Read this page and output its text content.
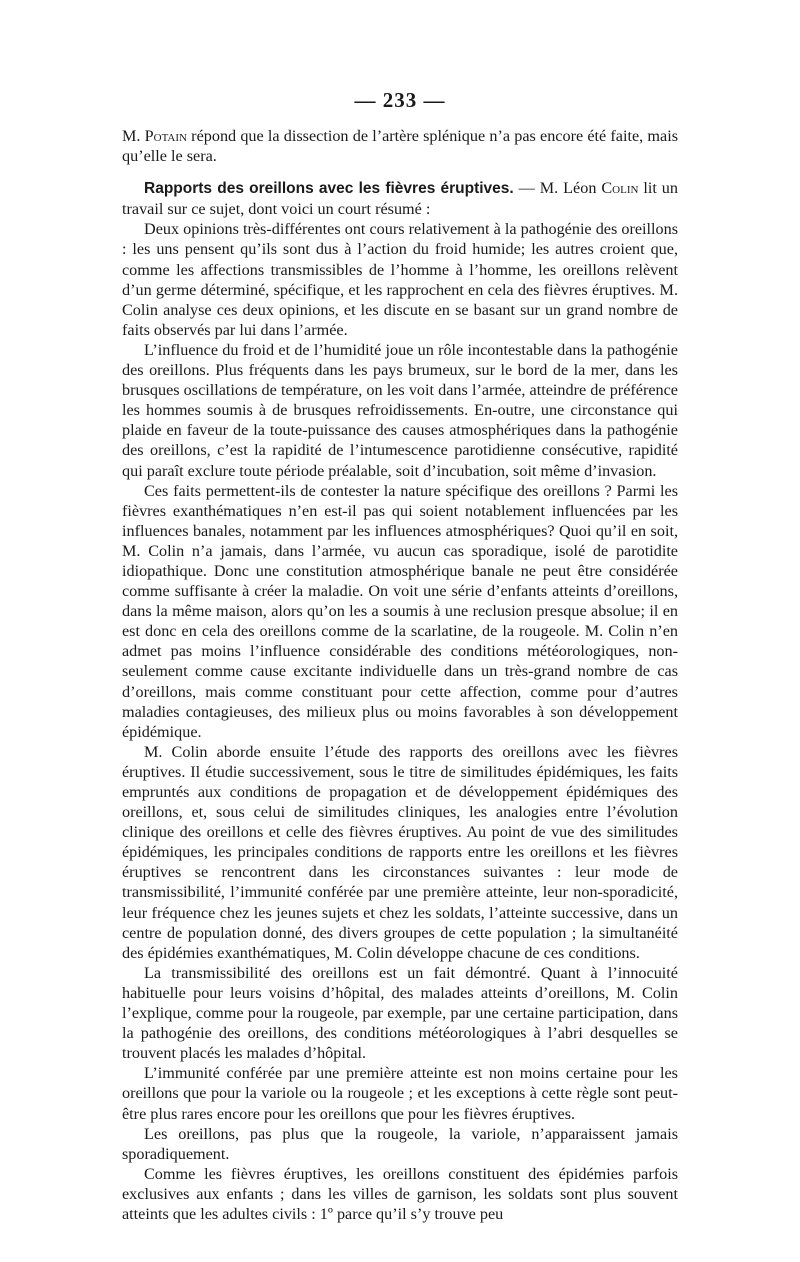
— 233 —

M. Potain répond que la dissection de l’artère splénique n’a pas encore été faite, mais qu’elle le sera.

Rapports des oreillons avec les fièvres éruptives. — M. Léon Colin lit un travail sur ce sujet, dont voici un court résumé :

Deux opinions très-différentes ont cours relativement à la pathogénie des oreillons : les uns pensent qu’ils sont dus à l’action du froid humide; les autres croient que, comme les affections transmissibles de l’homme à l’homme, les oreillons relèvent d’un germe déterminé, spécifique, et les rapprochent en cela des fièvres éruptives. M. Colin analyse ces deux opinions, et les discute en se basant sur un grand nombre de faits observés par lui dans l’armée.

L’influence du froid et de l’humidité joue un rôle incontestable dans la pathogénie des oreillons. Plus fréquents dans les pays brumeux, sur le bord de la mer, dans les brusques oscillations de température, on les voit dans l’armée, atteindre de préférence les hommes soumis à de brusques refroidissements. En-outre, une circonstance qui plaide en faveur de la toute-puissance des causes atmosphériques dans la pathogénie des oreillons, c’est la rapidité de l’intumescence parotidienne consécutive, rapidité qui paraît exclure toute période préalable, soit d’incubation, soit même d’invasion.

Ces faits permettent-ils de contester la nature spécifique des oreillons ? Parmi les fièvres exanthématiques n’en est-il pas qui soient notablement influencées par les influences banales, notamment par les influences atmosphériques? Quoi qu’il en soit, M. Colin n’a jamais, dans l’armée, vu aucun cas sporadique, isolé de parotidite idiopathique. Donc une constitution atmosphérique banale ne peut être considérée comme suffisante à créer la maladie. On voit une série d’enfants atteints d’oreillons, dans la même maison, alors qu’on les a soumis à une reclusion presque absolue; il en est donc en cela des oreillons comme de la scarlatine, de la rougeole. M. Colin n’en admet pas moins l’influence considérable des conditions météorologiques, non-seulement comme cause excitante individuelle dans un très-grand nombre de cas d’oreillons, mais comme constituant pour cette affection, comme pour d’autres maladies contagieuses, des milieux plus ou moins favorables à son développement épidémique.

M. Colin aborde ensuite l’étude des rapports des oreillons avec les fièvres éruptives. Il étudie successivement, sous le titre de similitudes épidémiques, les faits empruntés aux conditions de propagation et de développement épidémiques des oreillons, et, sous celui de similitudes cliniques, les analogies entre l’évolution clinique des oreillons et celle des fièvres éruptives. Au point de vue des similitudes épidémiques, les principales conditions de rapports entre les oreillons et les fièvres éruptives se rencontrent dans les circonstances suivantes : leur mode de transmissibilité, l’immunité conférée par une première atteinte, leur non-sporadicité, leur fréquence chez les jeunes sujets et chez les soldats, l’atteinte successive, dans un centre de population donné, des divers groupes de cette population ; la simultanéité des épidémies exanthématiques, M. Colin développe chacune de ces conditions.

La transmissibilité des oreillons est un fait démontré. Quant à l’innocuité habituelle pour leurs voisins d’hôpital, des malades atteints d’oreillons, M. Colin l’explique, comme pour la rougeole, par exemple, par une certaine participation, dans la pathogénie des oreillons, des conditions météorologiques à l’abri desquelles se trouvent placés les malades d’hôpital.

L’immunité conférée par une première atteinte est non moins certaine pour les oreillons que pour la variole ou la rougeole ; et les exceptions à cette règle sont peut-être plus rares encore pour les oreillons que pour les fièvres éruptives.

Les oreillons, pas plus que la rougeole, la variole, n’apparaissent jamais sporadiquement.

Comme les fièvres éruptives, les oreillons constituent des épidémies parfois exclusives aux enfants ; dans les villes de garnison, les soldats sont plus souvent atteints que les adultes civils : 1º parce qu’il s’y trouve peu
